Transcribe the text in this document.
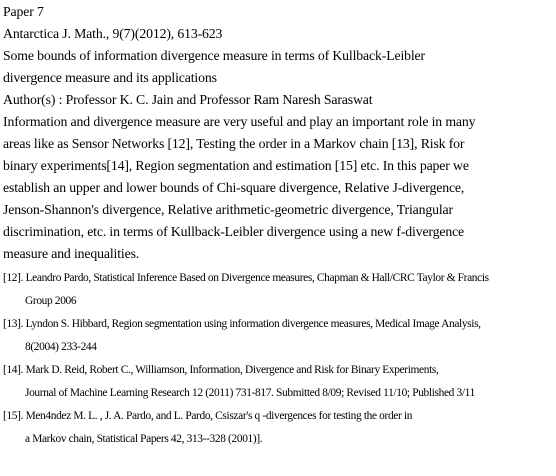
Paper 7
Antarctica J. Math., 9(7)(2012), 613-623
Some bounds of information divergence measure in terms of Kullback-Leibler
divergence measure and its applications
Author(s) : Professor K. C. Jain and Professor Ram Naresh Saraswat
Information and divergence measure are very useful and play an important role in many
areas like as Sensor Networks [12], Testing the order in a Markov chain [13], Risk for
binary experiments[14], Region segmentation and estimation [15] etc. In this paper we
establish an upper and lower bounds of Chi-square divergence, Relative J-divergence,
Jenson-Shannon's divergence, Relative arithmetic-geometric divergence, Triangular
discrimination, etc. in terms of Kullback-Leibler divergence using a new f-divergence
measure and inequalities.
[12]. Leandro Pardo, Statistical Inference Based on Divergence measures, Chapman & Hall/CRC Taylor & Francis
Group 2006
[13]. Lyndon S. Hibbard, Region segmentation using information divergence measures, Medical Image Analysis,
8(2004) 233-244
[14]. Mark D. Reid, Robert C., Williamson, Information, Divergence and Risk for Binary Experiments,
Journal of Machine Learning Research 12 (2011) 731-817. Submitted 8/09; Revised 11/10; Published 3/11
[15]. Men4ndez M. L. , J. A. Pardo, and L. Pardo, Csiszar's q -divergences for testing the order in
a Markov chain, Statistical Papers 42, 313--328 (2001)].
